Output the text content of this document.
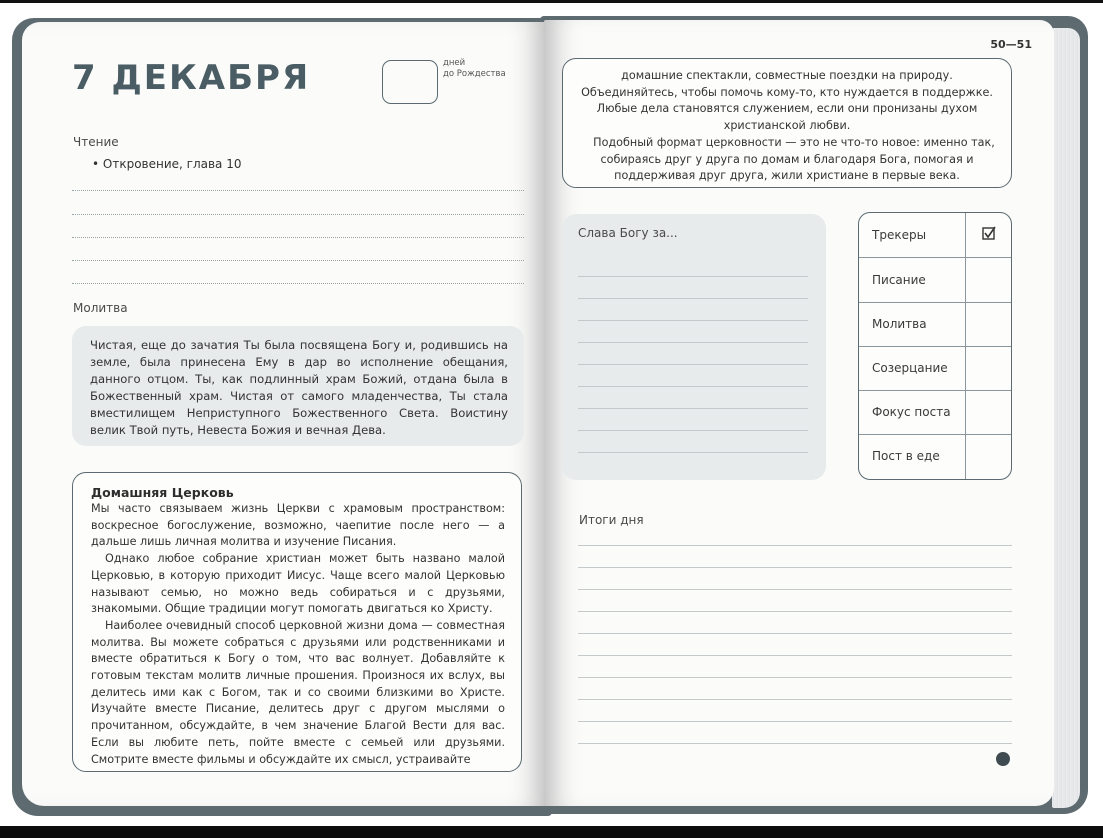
7 ДЕКАБРЯ	дней
до Рождества
Чтение
• Откровение, глава 10
Молитва
Чистая, еще до зачатия Ты была посвящена Богу и, родившись на земле, была принесена Ему в дар во исполнение обещания, данного отцом. Ты, как подлинный храм Божий, отдана была в Божественный храм. Чистая от самого младенчества, Ты стала вместилищем Неприступного Божественного Света. Воистину велик Твой путь, Невеста Божия и вечная Дева.
Домашняя Церковь

Мы часто связываем жизнь Церкви с храмовым пространством: воскресное богослужение, возможно, чаепитие после него — а дальше лишь личная молитва и изучение Писания.

Однако любое собрание христиан может быть названо малой Церковью, в которую приходит Иисус. Чаще всего малой Церковью называют семью, но можно ведь собираться и с друзьями, знакомыми. Общие традиции могут помогать двигаться ко Христу.

Наиболее очевидный способ церковной жизни дома — совместная молитва. Вы можете собраться с друзьями или родственниками и вместе обратиться к Богу о том, что вас волнует. Добавляйте к готовым текстам молитв личные прошения. Произнося их вслух, вы делитесь ими как с Богом, так и со своими близкими во Христе. Изучайте вместе Писание, делитесь друг с другом мыслями о прочитанном, обсуждайте, в чем значение Благой Вести для вас. Если вы любите петь, пойте вместе с семьей или друзьями. Смотрите вместе фильмы и обсуждайте их смысл, устраивайте

50—51

домашние спектакли, совместные поездки на природу. Объединяйтесь, чтобы помочь кому-то, кто нуждается в поддержке. Любые дела становятся служением, если они пронизаны духом христианской любви.

Подобный формат церковности — это не что-то новое: именно так, собираясь друг у друга по домам и благодаря Бога, помогая и поддерживая друг друга, жили христиане в первые века.

Слава Богу за...	Трекеры
Писание
Молитва
Созерцание
Фокус поста
Пост в еде
Итоги дня
